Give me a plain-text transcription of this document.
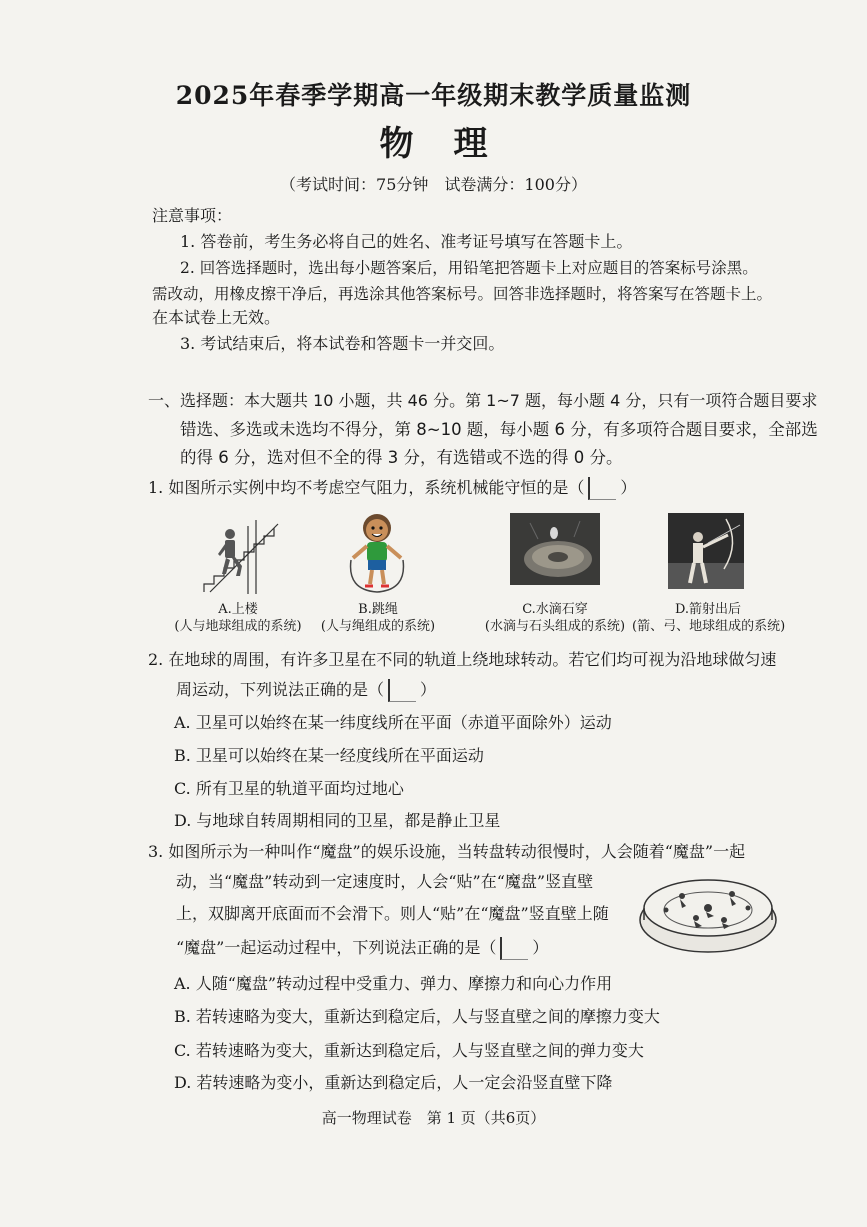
2025年春季学期高一年级期末教学质量监测
物理
（考试时间：75分钟　试卷满分：100分）
注意事项：
1. 答卷前，考生务必将自己的姓名、准考证号填写在答题卡上。
2. 回答选择题时，选出每小题答案后，用铅笔把答题卡上对应题目的答案标号涂黑。
需改动，用橡皮擦干净后，再选涂其他答案标号。回答非选择题时，将答案写在答题卡上。
在本试卷上无效。
3. 考试结束后，将本试卷和答题卡一并交回。
一、选择题：本大题共 10 小题，共 46 分。第 1~7 题，每小题 4 分，只有一项符合题目要求
错选、多选或未选均不得分，第 8~10 题，每小题 6 分，有多项符合题目要求，全部选
的得 6 分，选对但不全的得 3 分，有选错或不选的得 0 分。
1. 如图所示实例中均不考虑空气阻力，系统机械能守恒的是（ ）
A.上楼
(人与地球组成的系统)
B.跳绳
(人与绳组成的系统)
C.水滴石穿
(水滴与石头组成的系统)
D.箭射出后
(箭、弓、地球组成的系统)
2. 在地球的周围，有许多卫星在不同的轨道上绕地球转动。若它们均可视为沿地球做匀速
周运动，下列说法正确的是（ ）
A. 卫星可以始终在某一纬度线所在平面（赤道平面除外）运动
B. 卫星可以始终在某一经度线所在平面运动
C. 所有卫星的轨道平面均过地心
D. 与地球自转周期相同的卫星，都是静止卫星
3. 如图所示为一种叫作“魔盘”的娱乐设施，当转盘转动很慢时，人会随着“魔盘”一起
动，当“魔盘”转动到一定速度时，人会“贴”在“魔盘”竖直壁
上，双脚离开底面而不会滑下。则人“贴”在“魔盘”竖直壁上随
“魔盘”一起运动过程中，下列说法正确的是（ ）
A. 人随“魔盘”转动过程中受重力、弹力、摩擦力和向心力作用
B. 若转速略为变大，重新达到稳定后，人与竖直壁之间的摩擦力变大
C. 若转速略为变大，重新达到稳定后，人与竖直壁之间的弹力变大
D. 若转速略为变小，重新达到稳定后，人一定会沿竖直壁下降
高一物理试卷　第 1 页（共6页）
